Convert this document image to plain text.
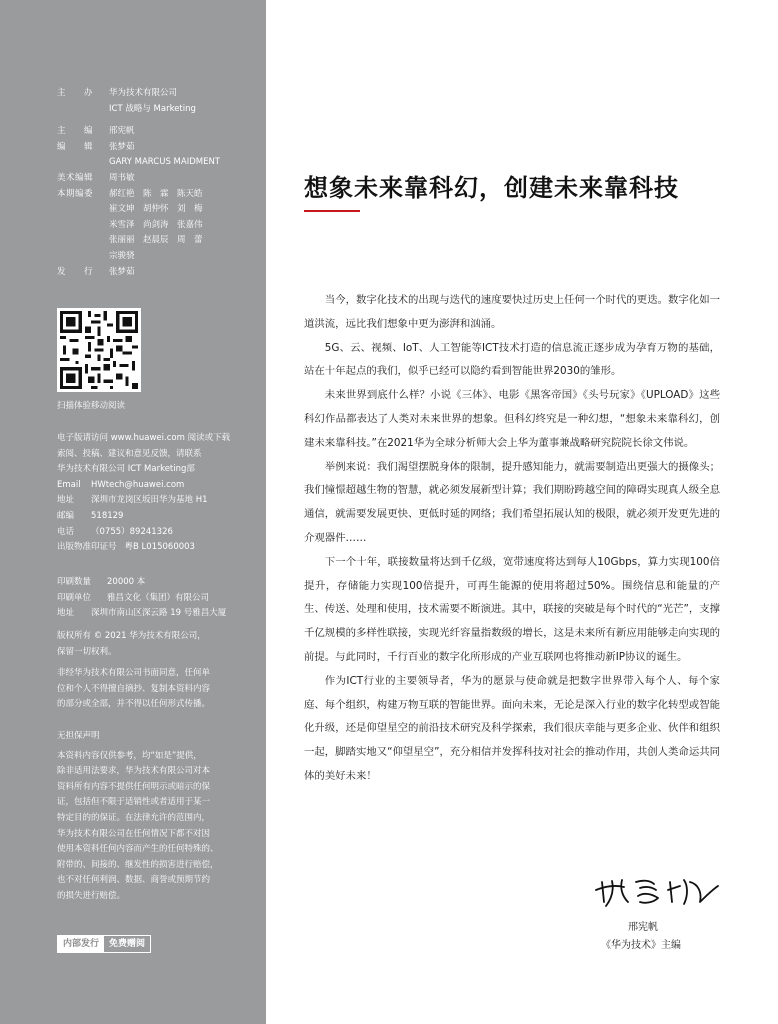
主　　办	华为技术有限公司
ICT 战略与 Marketing
主　　编	邢宪帆
编　　辑	张梦茹
GARY MARCUS MAIDMENT
美术编辑	周书敏
本期编委	郝红艳　陈　霖　陈天皓
崔文坤　胡仲怀　刘　梅
米雪泽　尚剑涛　张嘉伟
张丽丽　赵晨辰　周　蕾
宗骏骁
发　　行	张梦茹
扫描体验移动阅读
电子版请访问 www.huawei.com 阅读或下载
索阅、投稿、建议和意见反馈，请联系
华为技术有限公司 ICT Marketing部
Email	HWtech@huawei.com
地址	深圳市龙岗区坂田华为基地 H1
邮编	518129
电话	（0755）89241326
出版物准印证号 粤B L015060003
印刷数量	20000 本
印刷单位	雅昌文化（集团）有限公司
地址	深圳市南山区深云路 19 号雅昌大厦
版权所有 © 2021 华为技术有限公司，
保留一切权利。
非经华为技术有限公司书面同意，任何单
位和个人不得擅自摘抄、复制本资料内容
的部分或全部，并不得以任何形式传播。
无担保声明
本资料内容仅供参考，均“如是”提供，
除非适用法要求，华为技术有限公司对本
资料所有内容不提供任何明示或暗示的保
证，包括但不限于适销性或者适用于某一
特定目的的保证。在法律允许的范围内，
华为技术有限公司在任何情况下都不对因
使用本资料任何内容而产生的任何特殊的、
附带的、间接的、继发性的损害进行赔偿，
也不对任何利润、数据、商誉或预期节约
的损失进行赔偿。
内部发行	免费赠阅
想象未来靠科幻，创建未来靠科技

当今，数字化技术的出现与迭代的速度要快过历史上任何一个时代的更迭。数字化如一道洪流，远比我们想象中更为澎湃和汹涌。

5G、云、视频、IoT、人工智能等ICT技术打造的信息流正逐步成为孕育万物的基础，站在十年起点的我们，似乎已经可以隐约看到智能世界2030的雏形。

未来世界到底什么样？小说《三体》、电影《黑客帝国》《头号玩家》《UPLOAD》这些科幻作品都表达了人类对未来世界的想象。但科幻终究是一种幻想，“想象未来靠科幻，创建未来靠科技。”在2021华为全球分析师大会上华为董事兼战略研究院院长徐文伟说。

举例来说：我们渴望摆脱身体的限制，提升感知能力，就需要制造出更强大的摄像头；我们憧憬超越生物的智慧，就必须发展新型计算；我们期盼跨越空间的障碍实现真人级全息通信，就需要发展更快、更低时延的网络；我们希望拓展认知的极限，就必须开发更先进的介观器件……

下一个十年，联接数量将达到千亿级，宽带速度将达到每人10Gbps，算力实现100倍提升，存储能力实现100倍提升，可再生能源的使用将超过50%。围绕信息和能量的产生、传送、处理和使用，技术需要不断演进。其中，联接的突破是每个时代的“光芒”，支撑千亿规模的多样性联接，实现光纤容量指数级的增长，这是未来所有新应用能够走向实现的前提。与此同时，千行百业的数字化所形成的产业互联网也将推动新IP协议的诞生。

作为ICT行业的主要领导者，华为的愿景与使命就是把数字世界带入每个人、每个家庭、每个组织，构建万物互联的智能世界。面向未来，无论是深入行业的数字化转型或智能化升级，还是仰望星空的前沿技术研究及科学探索，我们很庆幸能与更多企业、伙伴和组织一起，脚踏实地又“仰望星空”，充分相信并发挥科技对社会的推动作用，共创人类命运共同体的美好未来！

邢宪帆
《华为技术》主编
